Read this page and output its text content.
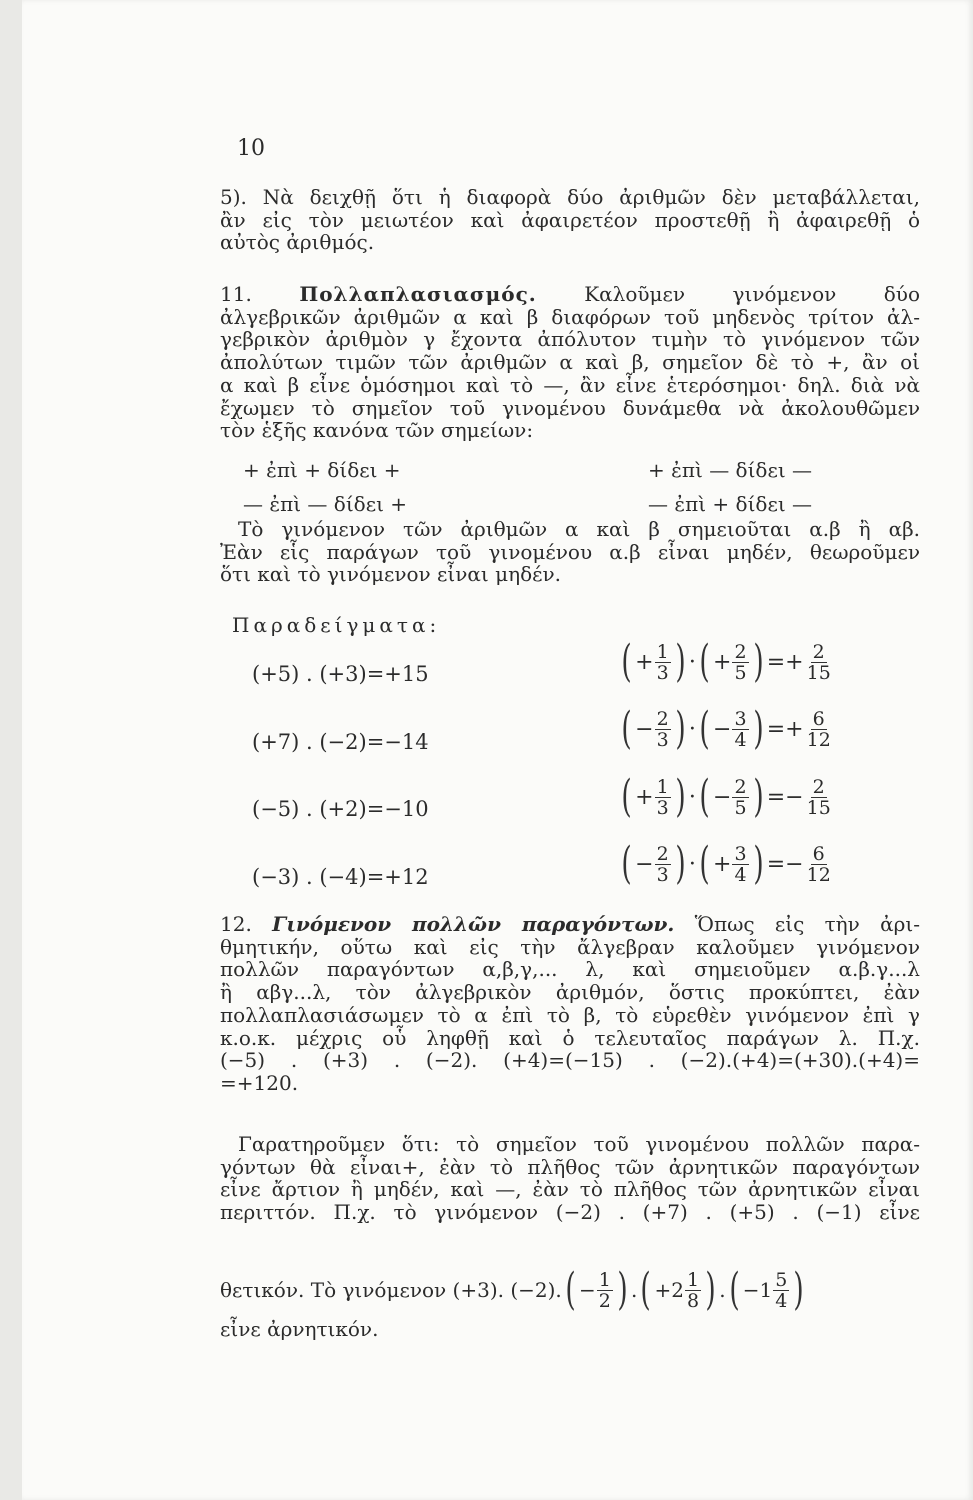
10
5). Νὰ δειχθῇ ὅτι ἡ διαφορὰ δύο ἀριθμῶν δὲν μεταβάλλεται,
ἂν εἰς τὸν μειωτέον καὶ ἀφαιρετέον προστεθῇ ἢ ἀφαιρεθῇ ὁ
αὐτὸς ἀριθμός.
11. Πολλαπλασιασμός. Καλοῦμεν γινόμενον δύο
ἀλγεβρικῶν ἀριθμῶν α καὶ β διαφόρων τοῦ μηδενὸς τρίτον ἀλ-
γεβρικὸν ἀριθμὸν γ ἔχοντα ἀπόλυτον τιμὴν τὸ γινόμενον τῶν
ἀπολύτων τιμῶν τῶν ἀριθμῶν α καὶ β, σημεῖον δὲ τὸ +, ἂν οἱ
α καὶ β εἶνε ὁμόσημοι καὶ τὸ —, ἂν εἶνε ἑτερόσημοι· δηλ. διὰ νὰ
ἔχωμεν τὸ σημεῖον τοῦ γινομένου δυνάμεθα νὰ ἀκολουθῶμεν
τὸν ἑξῆς κανόνα τῶν σημείων:
+ ἐπὶ + δίδει +	+ ἐπὶ — δίδει —
— ἐπὶ — δίδει +	— ἐπὶ + δίδει —
Τὸ γινόμενον τῶν ἀριθμῶν α καὶ β σημειοῦται α.β ἢ αβ.
Ἐὰν εἷς παράγων τοῦ γινομένου α.β εἶναι μηδέν, θεωροῦμεν
ὅτι καὶ τὸ γινόμενον εἶναι μηδέν.
Παραδείγματα:
(+5) . (+3)=+15
(+7) . (−2)=−14
(−5) . (+2)=−10
(−3) . (−4)=+12
( + $\frac{1}{3}$ ) · ( + $\frac{2}{5}$ ) =+ $\frac{2}{15}$
( − $\frac{2}{3}$ ) · ( − $\frac{3}{4}$ ) =+ $\frac{6}{12}$
( + $\frac{1}{3}$ ) · ( − $\frac{2}{5}$ ) =− $\frac{2}{15}$
( − $\frac{2}{3}$ ) · ( + $\frac{3}{4}$ ) =− $\frac{6}{12}$
12. Γινόμενον πολλῶν παραγόντων. Ὅπως εἰς τὴν ἀρι-
θμητικήν, οὕτω καὶ εἰς τὴν ἄλγεβραν καλοῦμεν γινόμενον
πολλῶν παραγόντων α,β,γ,... λ, καὶ σημειοῦμεν α.β.γ...λ
ἢ αβγ...λ, τὸν ἀλγεβρικὸν ἀριθμόν, ὅστις προκύπτει, ἐὰν
πολλαπλασιάσωμεν τὸ α ἐπὶ τὸ β, τὸ εὑρεθὲν γινόμενον ἐπὶ γ
κ.ο.κ. μέχρις οὗ ληφθῇ καὶ ὁ τελευταῖος παράγων λ. Π.χ.
(−5) . (+3) . (−2). (+4)=(−15) . (−2).(+4)=(+30).(+4)=
=+120.
Γαρατηροῦμεν ὅτι: τὸ σημεῖον τοῦ γινομένου πολλῶν παρα-
γόντων θὰ εἶναι+, ἐὰν τὸ πλῆθος τῶν ἀρνητικῶν παραγόντων
εἶνε ἄρτιον ἢ μηδέν, καὶ —, ἐὰν τὸ πλῆθος τῶν ἀρνητικῶν εἶναι
περιττόν. Π.χ. τὸ γινόμενον (−2) . (+7) . (+5) . (−1) εἶνε
θετικόν. Τὸ γινόμενον (+3). (−2). ( − $\frac{1}{2}$ ) . ( $+2 \frac{1}{8}$ ) . ( $-1 \frac{5}{4}$ )
εἶνε ἀρνητικόν.
